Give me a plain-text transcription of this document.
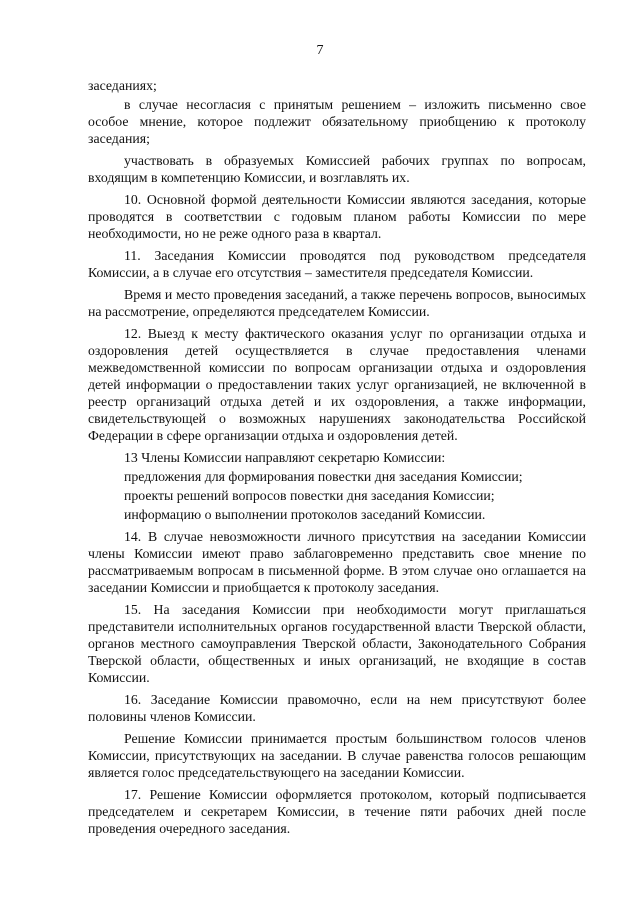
7

заседаниях;

в случае несогласия с принятым решением – изложить письменно свое особое мнение, которое подлежит обязательному приобщению к протоколу заседания;

участвовать в образуемых Комиссией рабочих группах по вопросам, входящим в компетенцию Комиссии, и возглавлять их.

10. Основной формой деятельности Комиссии являются заседания, которые проводятся в соответствии с годовым планом работы Комиссии по мере необходимости, но не реже одного раза в квартал.

11. Заседания Комиссии проводятся под руководством председателя Комиссии, а в случае его отсутствия – заместителя председателя Комиссии.

Время и место проведения заседаний, а также перечень вопросов, выносимых на рассмотрение, определяются председателем Комиссии.

12. Выезд к месту фактического оказания услуг по организации отдыха и оздоровления детей осуществляется в случае предоставления членами межведомственной комиссии по вопросам организации отдыха и оздоровления детей информации о предоставлении таких услуг организацией, не включенной в реестр организаций отдыха детей и их оздоровления, а также информации, свидетельствующей о возможных нарушениях законодательства Российской Федерации в сфере организации отдыха и оздоровления детей.

13 Члены Комиссии направляют секретарю Комиссии:

предложения для формирования повестки дня заседания Комиссии;

проекты решений вопросов повестки дня заседания Комиссии;

информацию о выполнении протоколов заседаний Комиссии.

14. В случае невозможности личного присутствия на заседании Комиссии члены Комиссии имеют право заблаговременно представить свое мнение по рассматриваемым вопросам в письменной форме. В этом случае оно оглашается на заседании Комиссии и приобщается к протоколу заседания.

15. На заседания Комиссии при необходимости могут приглашаться представители исполнительных органов государственной власти Тверской области, органов местного самоуправления Тверской области, Законодательного Собрания Тверской области, общественных и иных организаций, не входящие в состав Комиссии.

16. Заседание Комиссии правомочно, если на нем присутствуют более половины членов Комиссии.

Решение Комиссии принимается простым большинством голосов членов Комиссии, присутствующих на заседании. В случае равенства голосов решающим является голос председательствующего на заседании Комиссии.

17. Решение Комиссии оформляется протоколом, который подписывается председателем и секретарем Комиссии, в течение пяти рабочих дней после проведения очередного заседания.
